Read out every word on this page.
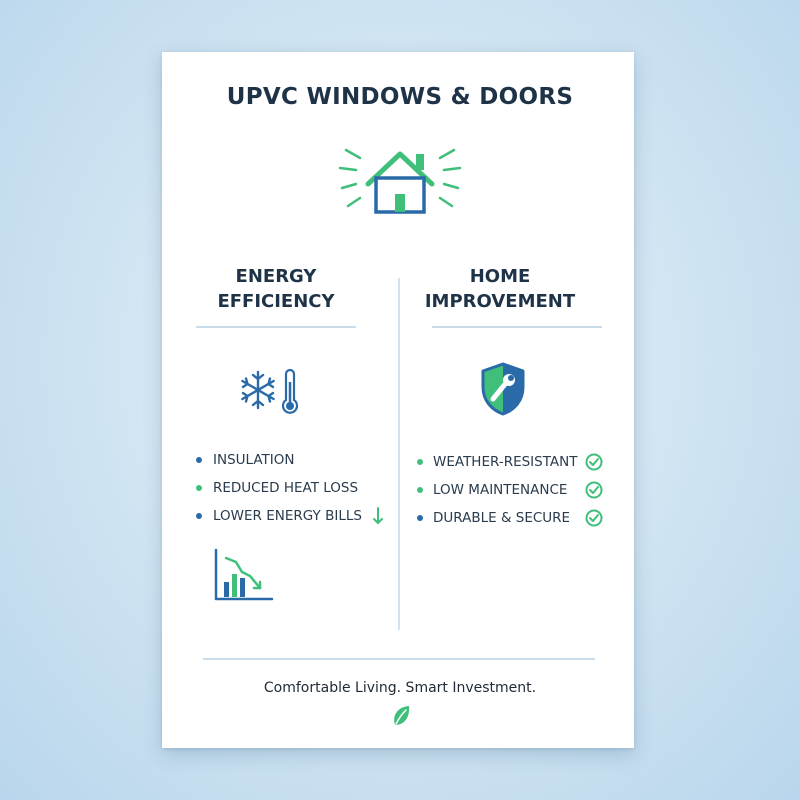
UPVC WINDOWS & DOORS
ENERGY
EFFICIENCY
HOME
IMPROVEMENT
INSULATION
REDUCED HEAT LOSS
LOWER ENERGY BILLS
WEATHER-RESISTANT
LOW MAINTENANCE
DURABLE & SECURE

Comfortable Living. Smart Investment.
